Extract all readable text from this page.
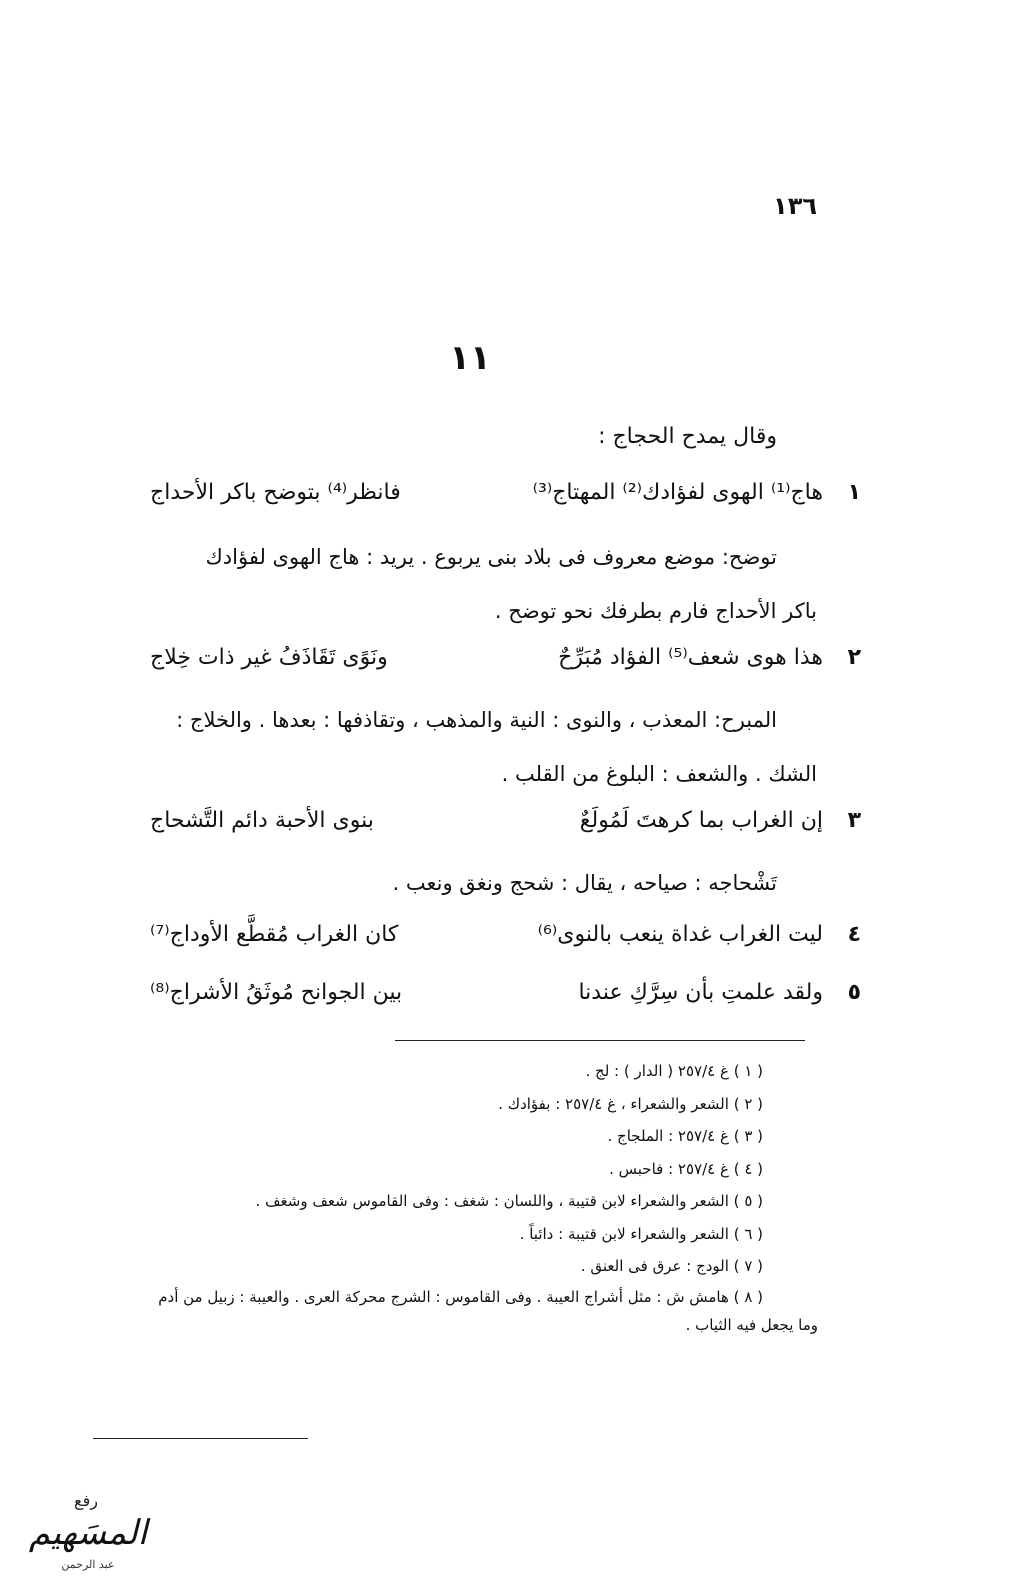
١٣٦
١١
وقال يمدح الحجاج :
١
هاج⁽¹⁾ الهوى لفؤادك⁽²⁾ المهتاج⁽³⁾
فانظر⁽⁴⁾ بتوضح باكر الأحداج
توضح: موضع معروف فى بلاد بنى يربوع . يريد : هاج الهوى لفؤادك
باكر الأحداج فارم بطرفك نحو توضح .
٢
هذا هوى شعف⁽⁵⁾ الفؤاد مُبَرِّحٌ
ونَوًى تَقَاذَفُ غير ذات خِلاج
المبرح: المعذب ، والنوى : النية والمذهب ، وتقاذفها : بعدها . والخلاج :
الشك . والشعف : البلوغ من القلب .
٣
إن الغراب بما كرهتَ لَمُولَعٌ
بنوى الأحبة دائم التَّشحاج
تَشْحاجه : صياحه ، يقال : شحج ونغق ونعب .
٤
ليت الغراب غداة ينعب بالنوى⁽⁶⁾
كان الغراب مُقطَّع الأوداج⁽⁷⁾
٥
ولقد علمتِ بأن سِرَّكِ عندنا
بين الجوانح مُوثَقُ الأشراج⁽⁸⁾
( ١ ) غ ٢٥٧/٤ ( الدار ) : لج .
( ٢ ) الشعر والشعراء ، غ ٢٥٧/٤ : بفؤادك .
( ٣ ) غ ٢٥٧/٤ : الملجاج .
( ٤ ) غ ٢٥٧/٤ : فاحبس .
( ٥ ) الشعر والشعراء لابن قتيبة ، واللسان : شغف : وفى القاموس شعف وشغف .
( ٦ ) الشعر والشعراء لابن قتيبة : دائباً .
( ٧ ) الودج : عرق فى العنق .
( ٨ ) هامش ش : مثل أشراج العيبة . وفى القاموس : الشرج محركة العرى . والعيبة : زبيل من أدم
وما يجعل فيه الثياب .
رفع
المسَهيم
عبد الرحمن
